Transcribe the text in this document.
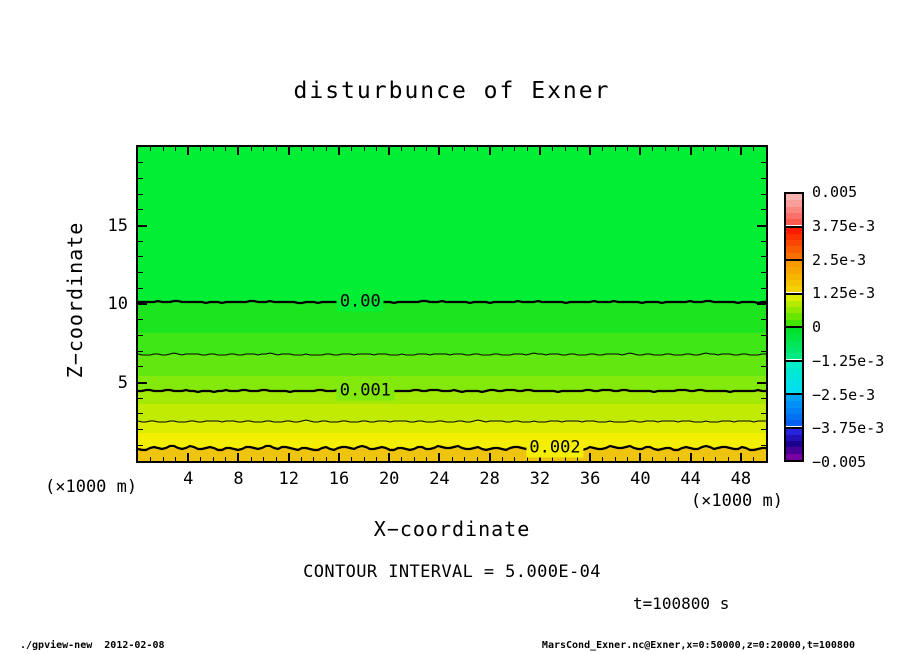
disturbunce of Exner
Z−coordinate
(×1000 m)
(×1000 m)
X−coordinate
CONTOUR INTERVAL = 5.000E-04
t=100800 s
./gpview-new  2012-02-08	MarsCond_Exner.nc@Exner,x=0:50000,z=0:20000,t=100800
0.00
0.001
0.002
4 8 12 16 20 24 28 32 36 40 44 48
5
10
15
0.005
3.75e-3
2.5e-3
1.25e-3
0
−1.25e-3
−2.5e-3
−3.75e-3
−0.005
